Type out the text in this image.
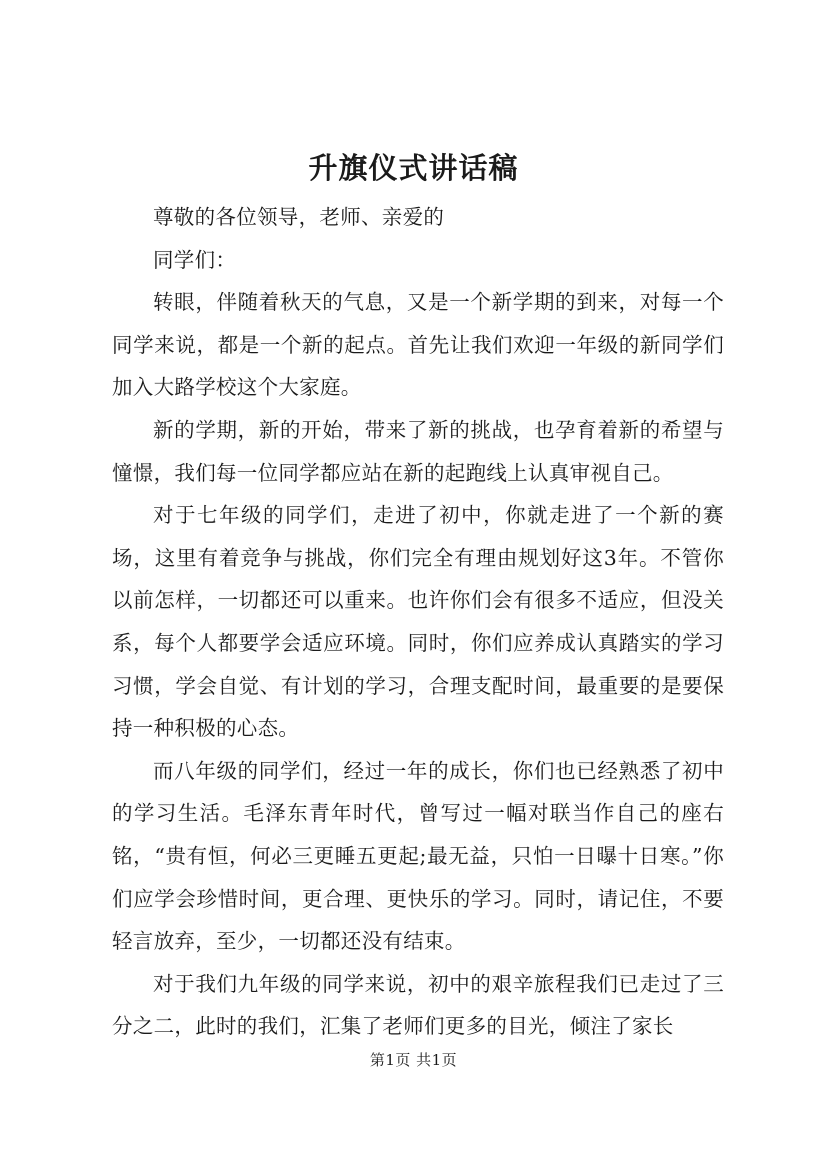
升旗仪式讲话稿

尊敬的各位领导，老师、亲爱的

同学们：

转眼，伴随着秋天的气息，又是一个新学期的到来，对每一个同学来说，都是一个新的起点。首先让我们欢迎一年级的新同学们加入大路学校这个大家庭。

新的学期，新的开始，带来了新的挑战，也孕育着新的希望与憧憬，我们每一位同学都应站在新的起跑线上认真审视自己。

对于七年级的同学们，走进了初中，你就走进了一个新的赛场，这里有着竞争与挑战，你们完全有理由规划好这3年。不管你以前怎样，一切都还可以重来。也许你们会有很多不适应，但没关系，每个人都要学会适应环境。同时，你们应养成认真踏实的学习习惯，学会自觉、有计划的学习，合理支配时间，最重要的是要保持一种积极的心态。

而八年级的同学们，经过一年的成长，你们也已经熟悉了初中的学习生活。毛泽东青年时代，曾写过一幅对联当作自己的座右铭，“贵有恒，何必三更睡五更起;最无益，只怕一日曝十日寒。”你们应学会珍惜时间，更合理、更快乐的学习。同时，请记住，不要轻言放弃，至少，一切都还没有结束。

对于我们九年级的同学来说，初中的艰辛旅程我们已走过了三分之二，此时的我们，汇集了老师们更多的目光，倾注了家长

第1页 共1页
